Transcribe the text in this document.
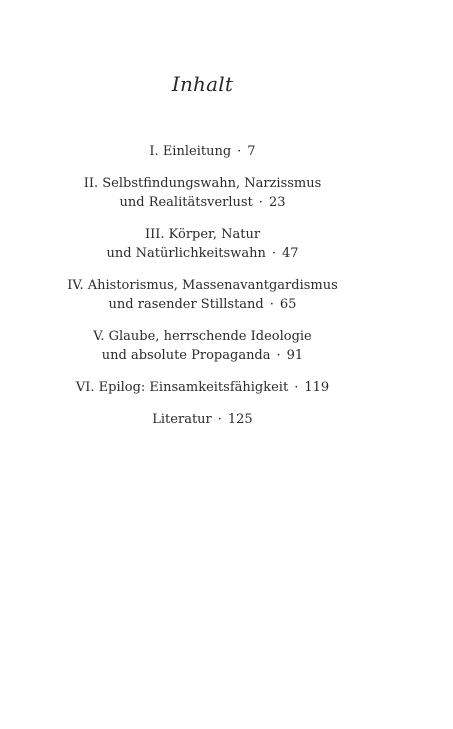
Inhalt
I. Einleitung · 7
II. Selbstfindungswahn, Narzissmus
und Realitätsverlust · 23
III. Körper, Natur
und Natürlichkeitswahn · 47
IV. Ahistorismus, Massenavantgardismus
und rasender Stillstand · 65
V. Glaube, herrschende Ideologie
und absolute Propaganda · 91
VI. Epilog: Einsamkeitsfähigkeit · 119
Literatur · 125
